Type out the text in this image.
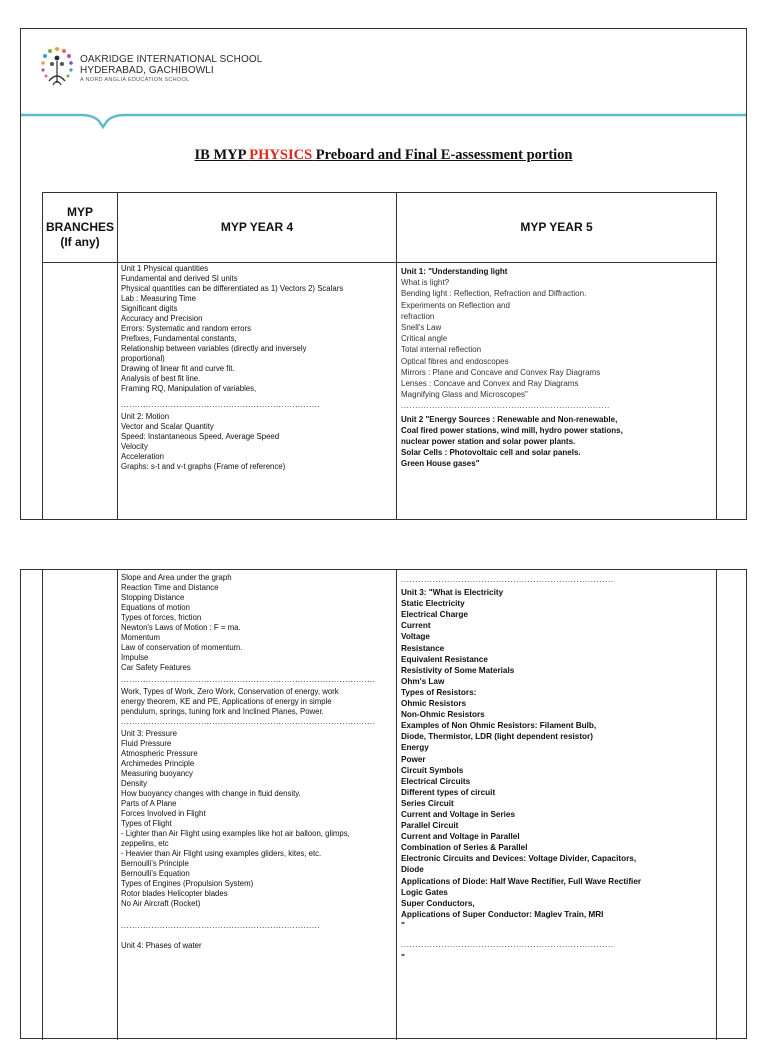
OAKRIDGE INTERNATIONAL SCHOOL
HYDERABAD, GACHIBOWLI
A NORD ANGLIA EDUCATION SCHOOL
IB MYP PHYSICS Preboard and Final E-assessment portion
MYP BRANCHES (If any)
MYP YEAR 4	MYP YEAR 5
Unit 1 Physical quantities
Fundamental and derived SI units
Physical quantities can be differentiated as 1) Vectors 2) Scalars
Lab : Measuring Time
Significant digits
Accuracy and Precision
Errors: Systematic and random errors
Prefixes, Fundamental constants,
Relationship between variables (directly and inversely
proportional)
Drawing of linear fit and curve fit.
Analysis of best fit line.
Framing RQ, Manipulation of variables,
........................................................................
Unit 2: Motion
Vector and Scalar Quantity
Speed: Instantaneous Speed, Average Speed
Velocity
Acceleration
Graphs: s-t and v-t graphs (Frame of reference)
Unit 1: "Understanding light
What is light?
Bending light : Reflection, Refraction and Diffraction.
Experiments on Reflection and
refraction
Snell's Law
Critical angle
Total internal reflection
Optical fibres and endoscopes
Mirrors : Plane and Concave and Convex Ray Diagrams
Lenses : Concave and Convex and Ray Diagrams
Magnifying Glass and Microscopes"
..........................................................................
Unit 2 "Energy Sources : Renewable and Non-renewable,
Coal fired power stations, wind mill, hydro power stations,
nuclear power station and solar power plants.
Solar Cells : Photovoltaic cell and solar panels.
Green House gases"
Slope and Area under the graph
Reaction Time and Distance
Stopping Distance
Equations of motion
Types of forces, friction
Newton's Laws of Motion : F = ma.
Momentum
Law of conservation of momentum.
Impulse
Car Safety Features
............................................................................................
Work, Types of Work, Zero Work, Conservation of energy, work
energy theorem, KE and PE, Applications of energy in simple
pendulum, springs, tuning fork and Inclined Planes, Power.
............................................................................................
Unit 3: Pressure
Fluid Pressure
Atmospheric Pressure
Archimedes Principle
Measuring buoyancy
Density
How buoyancy changes with change in fluid density.
Parts of A Plane
Forces Involved in Flight
Types of Flight
- Lighter than Air Flight using examples like hot air balloon, glimps,
zeppelins, etc
- Heavier than Air Flight using examples gliders, kites, etc.
Bernoulli's Principle
Bernoulli's Equation
Types of Engines (Propulsion System)
Rotor blades Helicopter blades
No Air Aircraft (Rocket)
........................................................................
Unit 4: Phases of water
..........................................................................
Unit 3: "What is Electricity
Static Electricity
Electrical Charge
Current
Voltage
Resistance
Equivalent Resistance
Resistivity of Some Materials
Ohm's Law
Types of Resistors:
Ohmic Resistors
Non-Ohmic Resistors
Examples of Non Ohmic Resistors: Filament Bulb,
Diode, Thermistor, LDR (light dependent resistor)
Energy
Power
Circuit Symbols
Electrical Circuits
Different types of circuit
Series Circuit
Current and Voltage in Series
Parallel Circuit
Current and Voltage in Parallel
Combination of Series & Parallel
Electronic Circuits and Devices: Voltage Divider, Capacitors,
Diode
Applications of Diode: Half Wave Rectifier, Full Wave Rectifier
Logic Gates
Super Conductors,
Applications of Super Conductor: Maglev Train, MRI
"
..........................................................................
"
